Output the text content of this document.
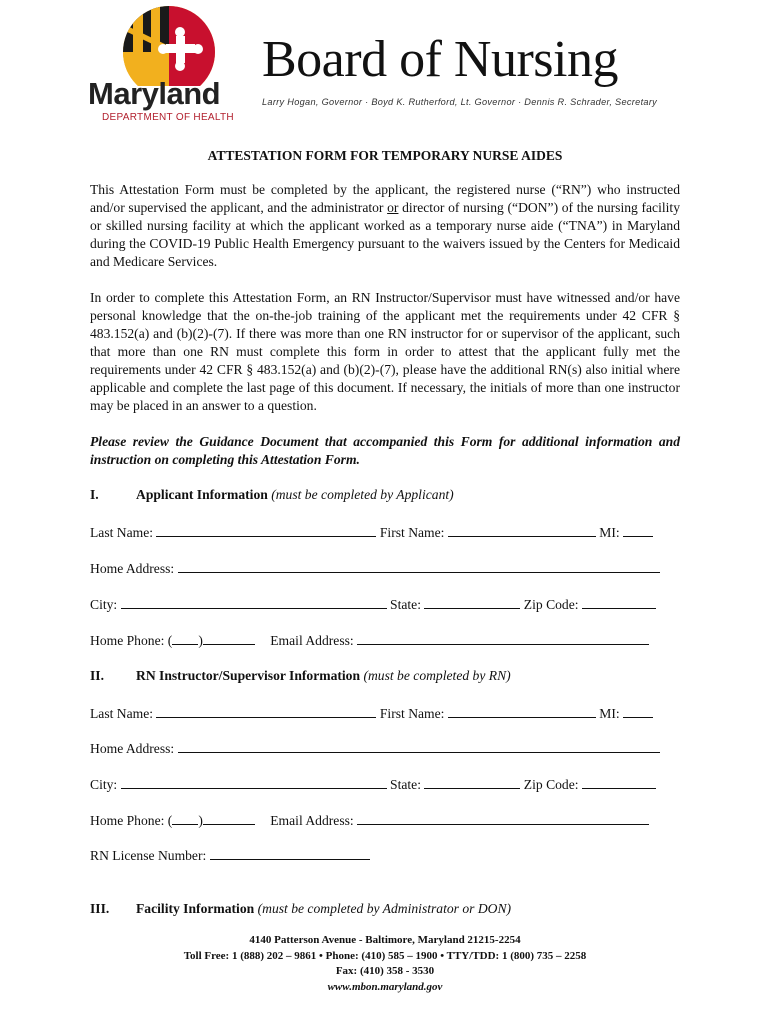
Maryland
DEPARTMENT OF HEALTH
Board of Nursing
Larry Hogan, Governor · Boyd K. Rutherford, Lt. Governor · Dennis R. Schrader, Secretary
ATTESTATION FORM FOR TEMPORARY NURSE AIDES
This Attestation Form must be completed by the applicant, the registered nurse (“RN”) who instructed and/or supervised the applicant, and the administrator or director of nursing (“DON”) of the nursing facility or skilled nursing facility at which the applicant worked as a temporary nurse aide (“TNA”) in Maryland during the COVID-19 Public Health Emergency pursuant to the waivers issued by the Centers for Medicaid and Medicare Services.
In order to complete this Attestation Form, an RN Instructor/Supervisor must have witnessed and/or have personal knowledge that the on-the-job training of the applicant met the requirements under 42 CFR § 483.152(a) and (b)(2)-(7). If there was more than one RN instructor for or supervisor of the applicant, such that more than one RN must complete this form in order to attest that the applicant fully met the requirements under 42 CFR § 483.152(a) and (b)(2)-(7), please have the additional RN(s) also initial where applicable and complete the last page of this document. If necessary, the initials of more than one instructor may be placed in an answer to a question.
Please review the Guidance Document that accompanied this Form for additional information and instruction on completing this Attestation Form.
I.	Applicant Information (must be completed by Applicant)
Last Name:	First Name:	MI:
Home Address:
City:	State:	Zip Code:
Home Phone: ( )	Email Address:
II. RN Instructor/Supervisor Information (must be completed by RN)
Last Name:	First Name:	MI:
Home Address:
City:	State:	Zip Code:
Home Phone: ( )	Email Address:
RN License Number:
III. Facility Information (must be completed by Administrator or DON)
4140 Patterson Avenue - Baltimore, Maryland 21215-2254
Toll Free: 1 (888) 202 – 9861 • Phone: (410) 585 – 1900 • TTY/TDD: 1 (800) 735 – 2258
Fax: (410) 358 - 3530
www.mbon.maryland.gov
